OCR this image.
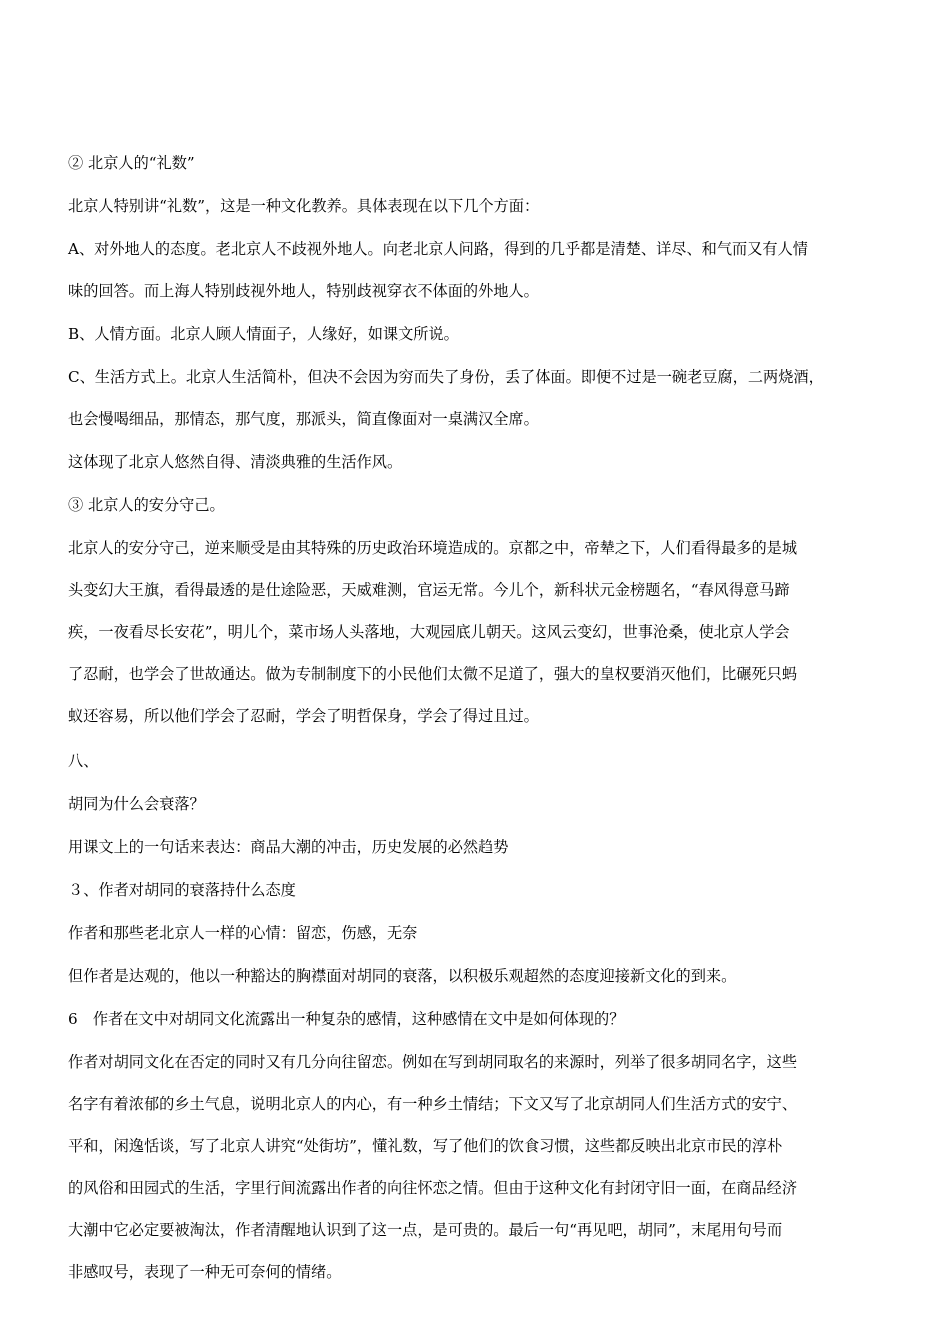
② 北京人的“礼数”
北京人特别讲“礼数”，这是一种文化教养。具体表现在以下几个方面：
A、对外地人的态度。老北京人不歧视外地人。向老北京人问路，得到的几乎都是清楚、详尽、和气而又有人情
味的回答。而上海人特别歧视外地人，特别歧视穿衣不体面的外地人。
B、人情方面。北京人顾人情面子，人缘好，如课文所说。
C、生活方式上。北京人生活简朴，但决不会因为穷而失了身份，丢了体面。即便不过是一碗老豆腐，二两烧酒，
也会慢喝细品，那情态，那气度，那派头，简直像面对一桌满汉全席。
这体现了北京人悠然自得、清淡典雅的生活作风。
③ 北京人的安分守己。
北京人的安分守己，逆来顺受是由其特殊的历史政治环境造成的。京都之中，帝辇之下，人们看得最多的是城
头变幻大王旗，看得最透的是仕途险恶，天威难测，官运无常。今儿个，新科状元金榜题名，“春风得意马蹄
疾，一夜看尽长安花”，明儿个，菜市场人头落地，大观园底儿朝天。这风云变幻，世事沧桑，使北京人学会
了忍耐，也学会了世故通达。做为专制制度下的小民他们太微不足道了，强大的皇权要消灭他们，比碾死只蚂
蚁还容易，所以他们学会了忍耐，学会了明哲保身，学会了得过且过。
八、
胡同为什么会衰落？
用课文上的一句话来表达：商品大潮的冲击，历史发展的必然趋势
３、作者对胡同的衰落持什么态度
作者和那些老北京人一样的心情：留恋，伤感，无奈
但作者是达观的，他以一种豁达的胸襟面对胡同的衰落，以积极乐观超然的态度迎接新文化的到来。
6　作者在文中对胡同文化流露出一种复杂的感情，这种感情在文中是如何体现的？
作者对胡同文化在否定的同时又有几分向往留恋。例如在写到胡同取名的来源时，列举了很多胡同名字，这些
名字有着浓郁的乡土气息，说明北京人的内心，有一种乡土情结；下文又写了北京胡同人们生活方式的安宁、
平和，闲逸恬谈，写了北京人讲究“处街坊”，懂礼数，写了他们的饮食习惯，这些都反映出北京市民的淳朴
的风俗和田园式的生活，字里行间流露出作者的向往怀恋之情。但由于这种文化有封闭守旧一面，在商品经济
大潮中它必定要被淘汰，作者清醒地认识到了这一点，是可贵的。最后一句“再见吧，胡同”，末尾用句号而
非感叹号，表现了一种无可奈何的情绪。
